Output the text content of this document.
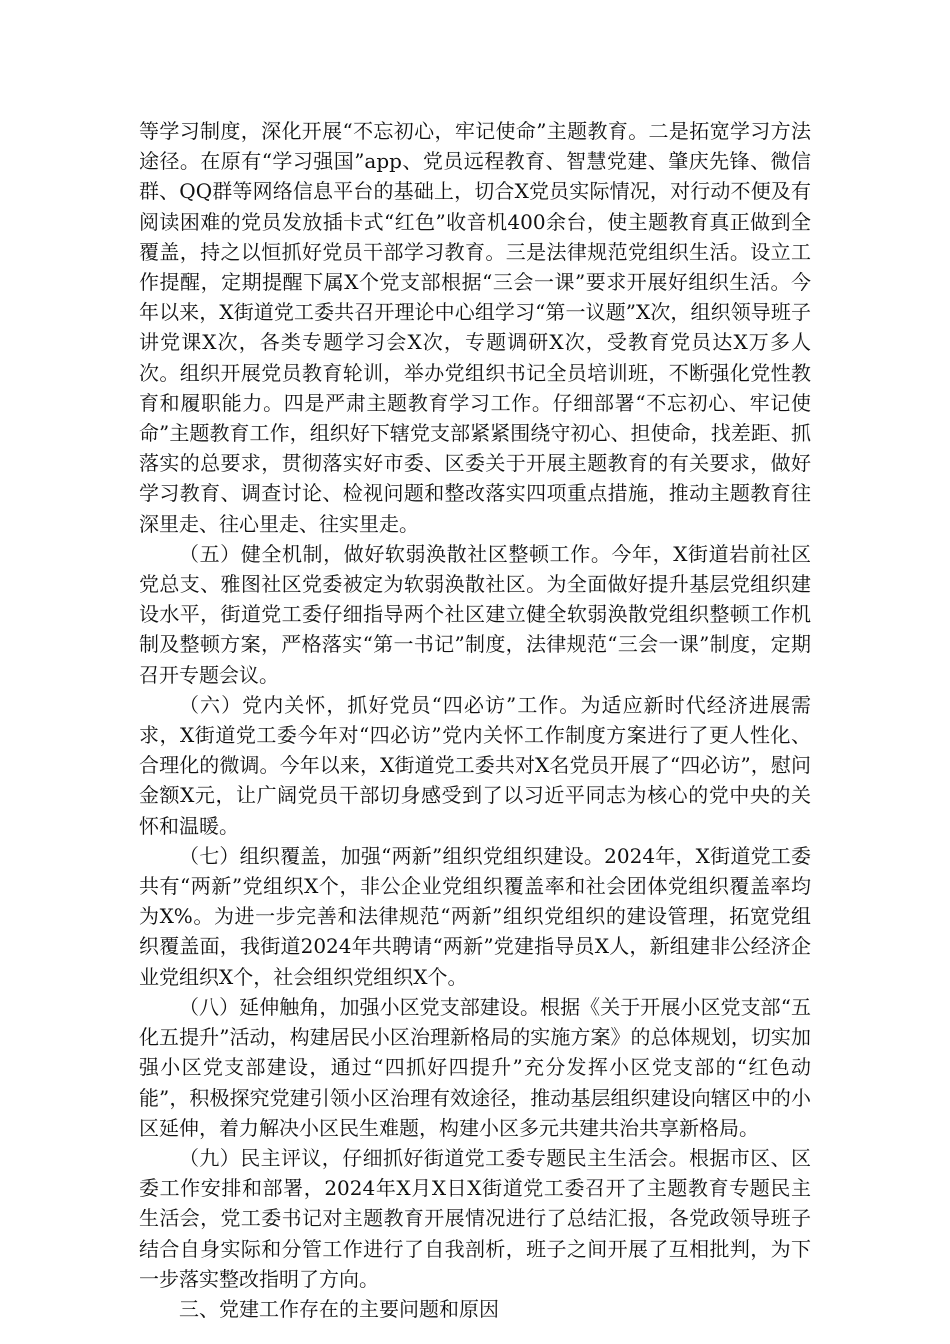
等学习制度，深化开展“不忘初心，牢记使命”主题教育。二是拓宽学习方法途径。在原有“学习强国”app、党员远程教育、智慧党建、肇庆先锋、微信群、QQ群等网络信息平台的基础上，切合X党员实际情况，对行动不便及有阅读困难的党员发放插卡式“红色”收音机400余台，使主题教育真正做到全覆盖，持之以恒抓好党员干部学习教育。三是法律规范党组织生活。设立工作提醒，定期提醒下属X个党支部根据“三会一课”要求开展好组织生活。今年以来，X街道党工委共召开理论中心组学习“第一议题”X次，组织领导班子讲党课X次，各类专题学习会X次，专题调研X次，受教育党员达X万多人次。组织开展党员教育轮训，举办党组织书记全员培训班，不断强化党性教育和履职能力。四是严肃主题教育学习工作。仔细部署“不忘初心、牢记使命”主题教育工作，组织好下辖党支部紧紧围绕守初心、担使命，找差距、抓落实的总要求，贯彻落实好市委、区委关于开展主题教育的有关要求，做好学习教育、调查讨论、检视问题和整改落实四项重点措施，推动主题教育往深里走、往心里走、往实里走。

（五）健全机制，做好软弱涣散社区整顿工作。今年，X街道岩前社区党总支、雅图社区党委被定为软弱涣散社区。为全面做好提升基层党组织建设水平，街道党工委仔细指导两个社区建立健全软弱涣散党组织整顿工作机制及整顿方案，严格落实“第一书记”制度，法律规范“三会一课”制度，定期召开专题会议。

（六）党内关怀，抓好党员“四必访”工作。为适应新时代经济进展需求，X街道党工委今年对“四必访”党内关怀工作制度方案进行了更人性化、合理化的微调。今年以来，X街道党工委共对X名党员开展了“四必访”，慰问金额X元，让广阔党员干部切身感受到了以习近平同志为核心的党中央的关怀和温暖。

（七）组织覆盖，加强“两新”组织党组织建设。2024年，X街道党工委共有“两新”党组织X个，非公企业党组织覆盖率和社会团体党组织覆盖率均为X%。为进一步完善和法律规范“两新”组织党组织的建设管理，拓宽党组织覆盖面，我街道2024年共聘请“两新”党建指导员X人，新组建非公经济企业党组织X个，社会组织党组织X个。

（八）延伸触角，加强小区党支部建设。根据《关于开展小区党支部“五化五提升”活动，构建居民小区治理新格局的实施方案》的总体规划，切实加强小区党支部建设，通过“四抓好四提升”充分发挥小区党支部的“红色动能”，积极探究党建引领小区治理有效途径，推动基层组织建设向辖区中的小区延伸，着力解决小区民生难题，构建小区多元共建共治共享新格局。

（九）民主评议，仔细抓好街道党工委专题民主生活会。根据市区、区委工作安排和部署，2024年X月X日X街道党工委召开了主题教育专题民主生活会，党工委书记对主题教育开展情况进行了总结汇报，各党政领导班子结合自身实际和分管工作进行了自我剖析，班子之间开展了互相批判，为下一步落实整改指明了方向。

三、党建工作存在的主要问题和原因
